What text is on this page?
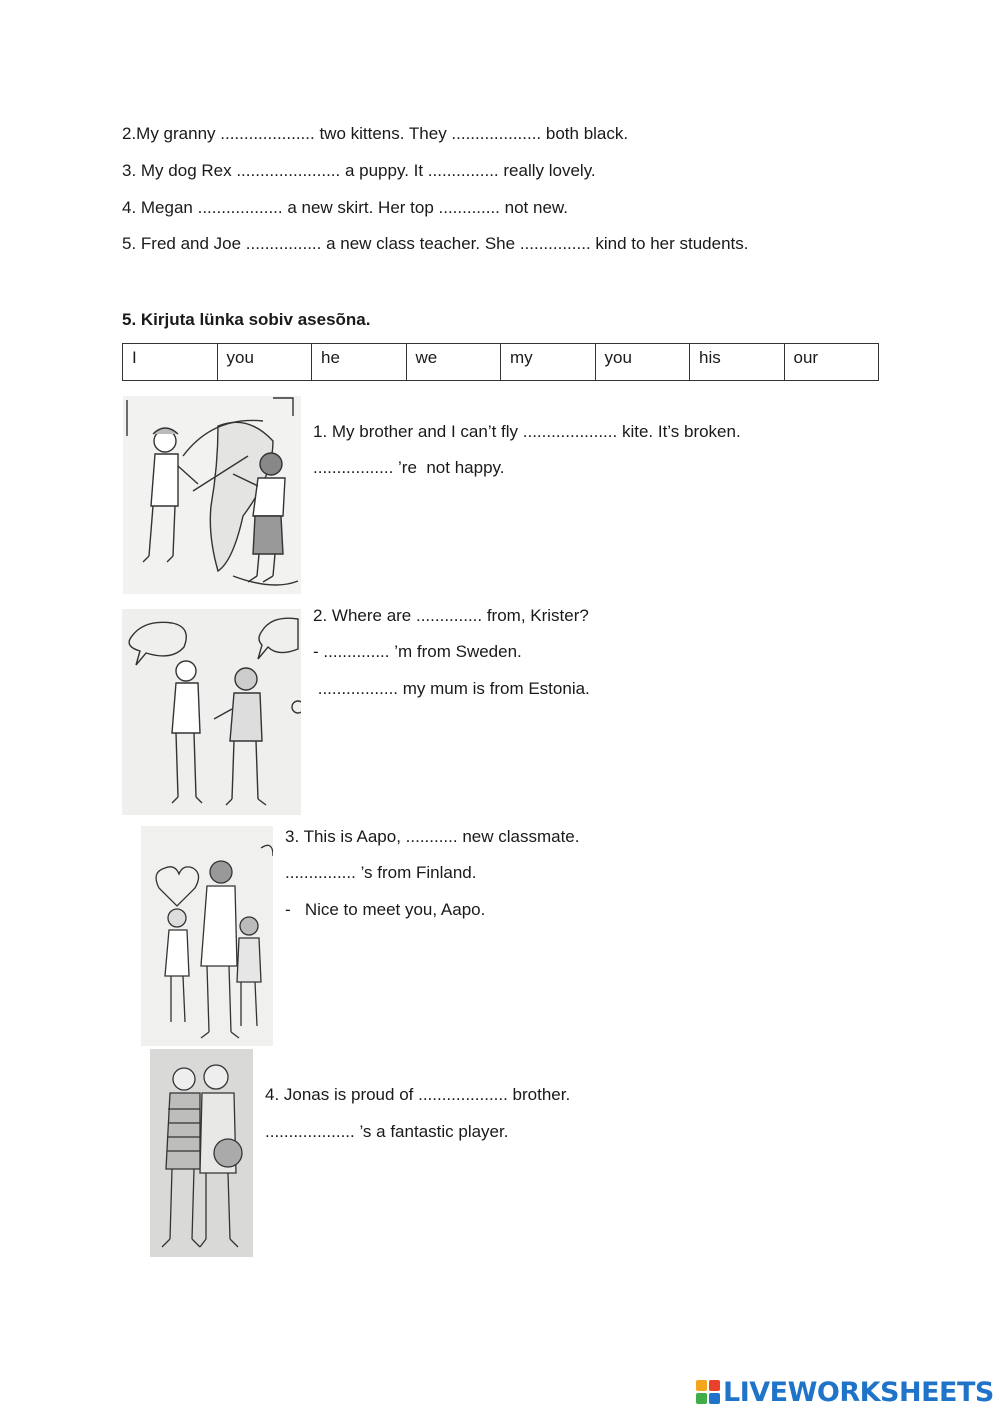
2.My granny .................... two kittens. They ................... both black.
3. My dog Rex ...................... a puppy. It ............... really lovely.
4. Megan .................. a new skirt. Her top ............. not new.
5. Fred and Joe ................ a new class teacher. She ............... kind to her students.
5. Kirjuta lünka sobiv asesõna.
I	you	he	we	my	you	his	our
1. My brother and I can’t fly .................... kite. It’s broken.
................. ’re  not happy.
2. Where are .............. from, Krister?
- .............. ’m from Sweden.
................. my mum is from Estonia.
3. This is Aapo, ........... new classmate.
............... ’s from Finland.
-   Nice to meet you, Aapo.
4. Jonas is proud of ................... brother.
................... ’s a fantastic player.
LIVEWORKSHEETS
